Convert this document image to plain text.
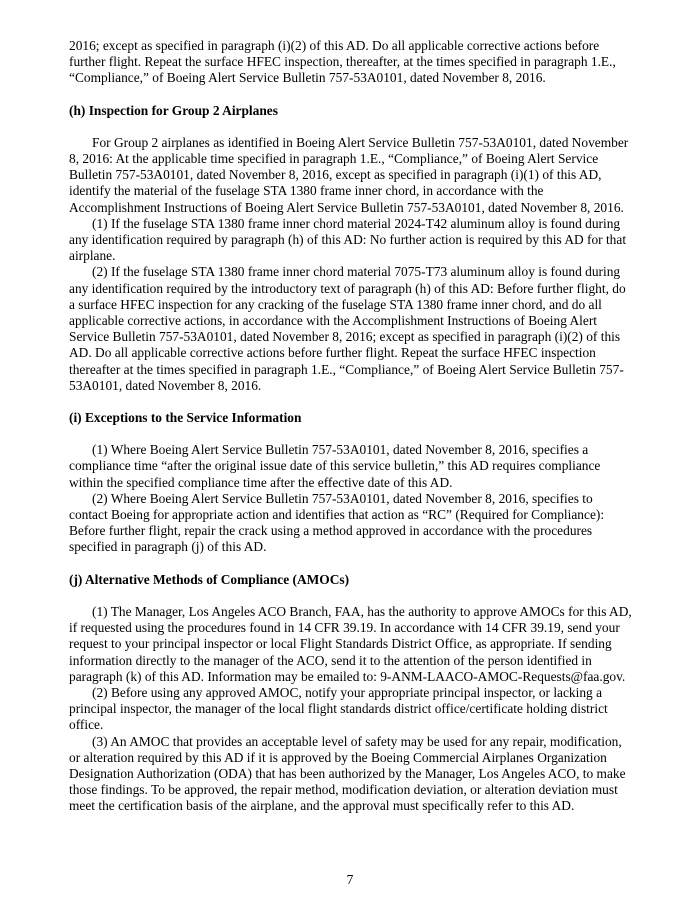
2016; except as specified in paragraph (i)(2) of this AD. Do all applicable corrective actions before further flight. Repeat the surface HFEC inspection, thereafter, at the times specified in paragraph 1.E., “Compliance,” of Boeing Alert Service Bulletin 757-53A0101, dated November 8, 2016.

(h) Inspection for Group 2 Airplanes

For Group 2 airplanes as identified in Boeing Alert Service Bulletin 757-53A0101, dated November 8, 2016: At the applicable time specified in paragraph 1.E., “Compliance,” of Boeing Alert Service Bulletin 757-53A0101, dated November 8, 2016, except as specified in paragraph (i)(1) of this AD, identify the material of the fuselage STA 1380 frame inner chord, in accordance with the Accomplishment Instructions of Boeing Alert Service Bulletin 757-53A0101, dated November 8, 2016.

(1) If the fuselage STA 1380 frame inner chord material 2024-T42 aluminum alloy is found during any identification required by paragraph (h) of this AD: No further action is required by this AD for that airplane.

(2) If the fuselage STA 1380 frame inner chord material 7075-T73 aluminum alloy is found during any identification required by the introductory text of paragraph (h) of this AD: Before further flight, do a surface HFEC inspection for any cracking of the fuselage STA 1380 frame inner chord, and do all applicable corrective actions, in accordance with the Accomplishment Instructions of Boeing Alert Service Bulletin 757-53A0101, dated November 8, 2016; except as specified in paragraph (i)(2) of this AD. Do all applicable corrective actions before further flight. Repeat the surface HFEC inspection thereafter at the times specified in paragraph 1.E., “Compliance,” of Boeing Alert Service Bulletin 757-53A0101, dated November 8, 2016.

(i) Exceptions to the Service Information

(1) Where Boeing Alert Service Bulletin 757-53A0101, dated November 8, 2016, specifies a compliance time “after the original issue date of this service bulletin,” this AD requires compliance within the specified compliance time after the effective date of this AD.

(2) Where Boeing Alert Service Bulletin 757-53A0101, dated November 8, 2016, specifies to contact Boeing for appropriate action and identifies that action as “RC” (Required for Compliance): Before further flight, repair the crack using a method approved in accordance with the procedures specified in paragraph (j) of this AD.

(j) Alternative Methods of Compliance (AMOCs)

(1) The Manager, Los Angeles ACO Branch, FAA, has the authority to approve AMOCs for this AD, if requested using the procedures found in 14 CFR 39.19. In accordance with 14 CFR 39.19, send your request to your principal inspector or local Flight Standards District Office, as appropriate. If sending information directly to the manager of the ACO, send it to the attention of the person identified in paragraph (k) of this AD. Information may be emailed to: 9-ANM-LAACO-AMOC-Requests@faa.gov.

(2) Before using any approved AMOC, notify your appropriate principal inspector, or lacking a principal inspector, the manager of the local flight standards district office/certificate holding district office.

(3) An AMOC that provides an acceptable level of safety may be used for any repair, modification, or alteration required by this AD if it is approved by the Boeing Commercial Airplanes Organization Designation Authorization (ODA) that has been authorized by the Manager, Los Angeles ACO, to make those findings. To be approved, the repair method, modification deviation, or alteration deviation must meet the certification basis of the airplane, and the approval must specifically refer to this AD.

7
